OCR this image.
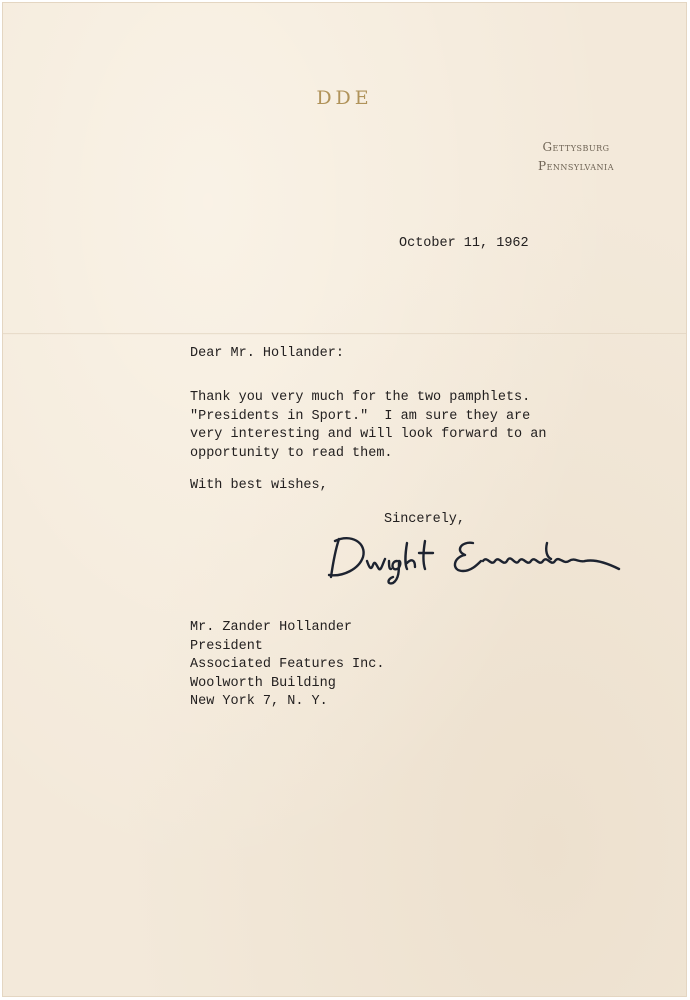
DDE
Gettysburg
Pennsylvania
October 11, 1962
Dear Mr. Hollander:
Thank you very much for the two pamphlets.
"Presidents in Sport."  I am sure they are
very interesting and will look forward to an
opportunity to read them.
With best wishes,
Sincerely,
Mr. Zander Hollander
President
Associated Features Inc.
Woolworth Building
New York 7, N. Y.
